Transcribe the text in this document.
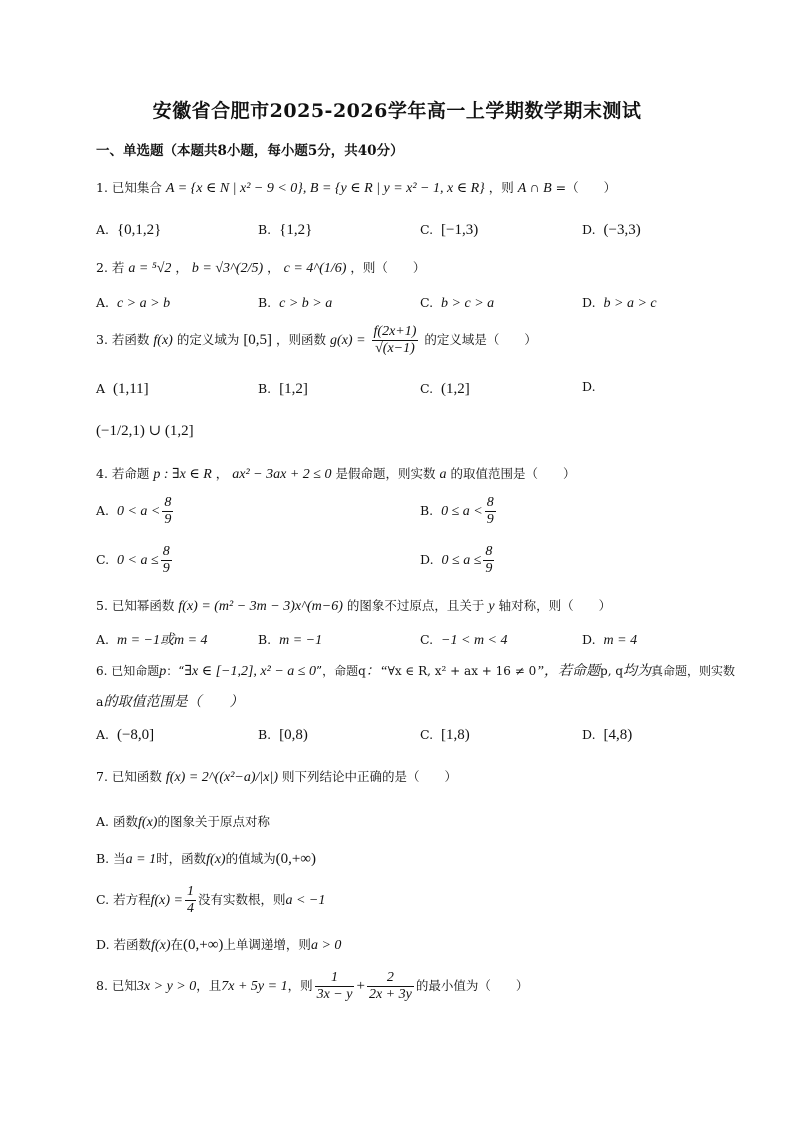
安徽省合肥市2025-2026学年高一上学期数学期末测试
一、单选题（本题共8小题，每小题5分，共40分）
1. 已知集合 A = {x ∈ N | x² − 9 < 0}, B = {y ∈ R | y = x² − 1, x ∈ R} ，则 A ∩ B =（　　）
A. {0,1,2}	B. {1,2}	C. [−1,3)	D. (−3,3)
2. 若 a = ⁵√2 ， b = √3^(2/5) ， c = 4^(1/6) ，则（　　）
A. c > a > b	B. c > b > a	C. b > c > a	D. b > a > c
3. 若函数 f(x) 的定义域为 [0,5] ，则函数 $g(x) = \frac{f(2x+1)}{√(x-1)}$ 的定义域是（　　）
A (1,11]	B. [1,2]	C. (1,2]	D.
(−1/2,1) ∪ (1,2]
4. 若命题 p : ∃x ∈ R ， ax² − 3ax + 2 ≤ 0 是假命题，则实数 a 的取值范围是（　　）
A. $0 < a < \frac{8}{9}$	B. $0 \le a < \frac{8}{9}$
C. $0 < a \le \frac{8}{9}$	D. $0 \le a \le \frac{8}{9}$
5. 已知幂函数 f(x) = (m² − 3m − 3)x^(m−6) 的图象不过原点，且关于 y 轴对称，则（　　）
A. m = −1或m = 4	B. m = −1	C. −1 < m < 4	D. m = 4
6. 已知命题p：“∃x ∈ [−1,2], x² − a ≤ 0”，命题q：“∀x ∈ R, x² + ax + 16 ≠ 0”，若命题p, q均为真命题，则实数
a的取值范围是（　　）
A. (−8,0]	B. [0,8)	C. [1,8)	D. [4,8)
7. 已知函数 f(x) = 2^((x²−a)/|x|) 则下列结论中正确的是（　　）
A. 函数f(x)的图象关于原点对称
B. 当a = 1时，函数f(x)的值域为(0,+∞)
C. 若方程$f(x) = \frac{1}{4}$ 没有实数根，则a < −1
D. 若函数f(x)在(0,+∞)上单调递增，则a > 0
8. 已知3x > y > 0，且7x + 5y = 1，则 $\frac{1}{3x - y} + \frac{2}{2x + 3y}$ 的最小值为（　　）
